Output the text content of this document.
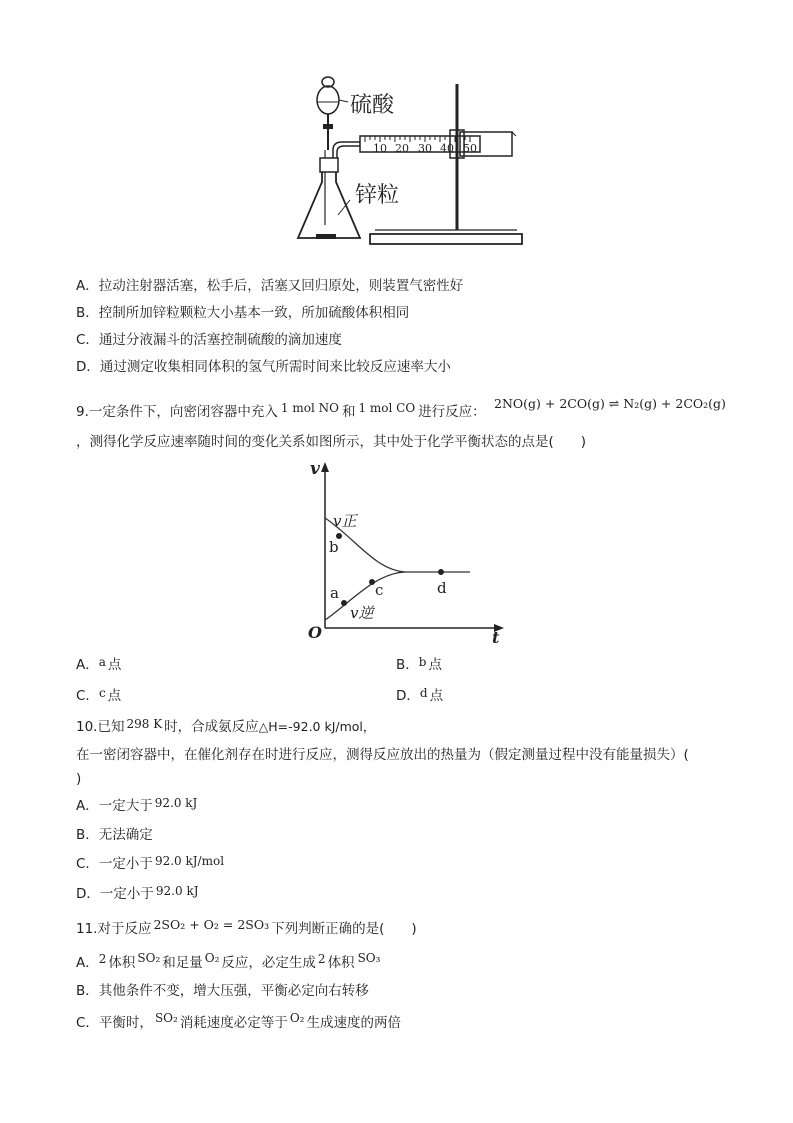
10 20 30 40 50
硫酸
锌粒
A．拉动注射器活塞，松手后，活塞又回归原处，则装置气密性好
B．控制所加锌粒颗粒大小基本一致，所加硫酸体积相同
C．通过分液漏斗的活塞控制硫酸的滴加速度
D．通过测定收集相同体积的氢气所需时间来比较反应速率大小
9.一定条件下，向密闭容器中充入 1 mol NO 和 1 mol CO 进行反应：
2NO(g) + 2CO(g) ⇌ N₂(g) + 2CO₂(g)
，测得化学反应速率随时间的变化关系如图所示，其中处于化学平衡状态的点是(　　)
v
t
O
v正
v逆
a
b
c	d
A．a 点	B．b 点
C．c 点	D．d 点
10.已知 298 K 时，合成氨反应△H=-92.0 kJ/mol，
在一密闭容器中，在催化剂存在时进行反应，测得反应放出的热量为（假定测量过程中没有能量损失）(
)
A．一定大于 92.0 kJ
B．无法确定
C．一定小于 92.0 kJ/mol
D．一定小于 92.0 kJ
11.对于反应 2SO₂ + O₂ = 2SO₃ 下列判断正确的是(　　)
A．2 体积 SO₂ 和足量 O₂ 反应，必定生成 2 体积 SO₃
B．其他条件不变，增大压强，平衡必定向右转移
C．平衡时， SO₂ 消耗速度必定等于 O₂ 生成速度的两倍
